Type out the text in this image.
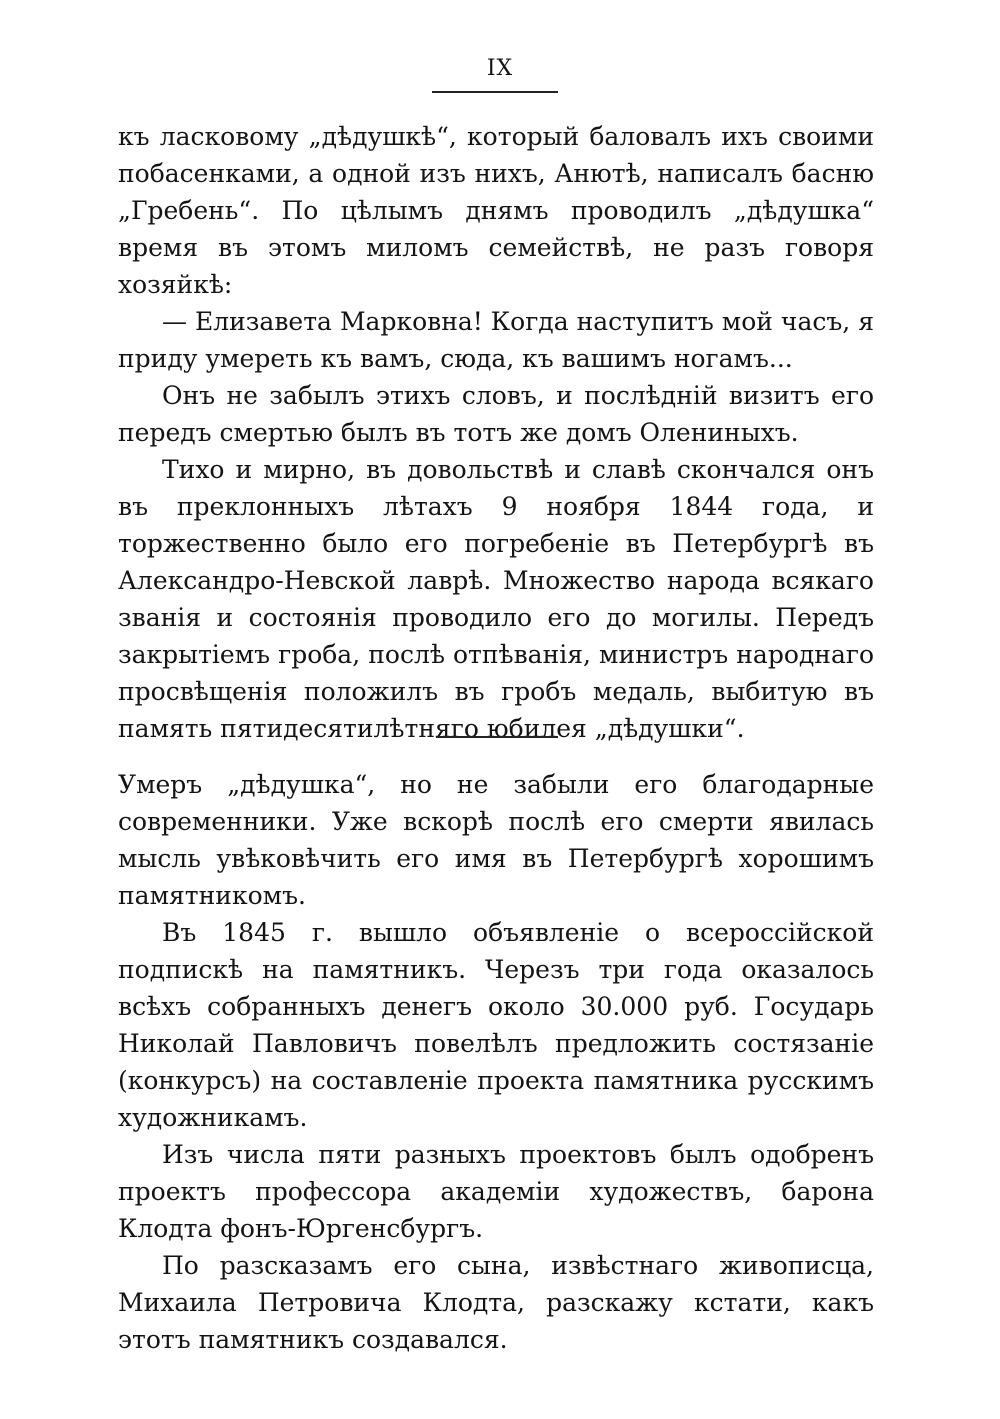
IX

къ ласковому „дѣдушкѣ“, который баловалъ ихъ своими побасенками, а одной изъ нихъ, Анютѣ, написалъ басню „Гребень“. По цѣлымъ днямъ проводилъ „дѣдушка“ время въ этомъ миломъ семействѣ, не разъ говоря хозяйкѣ:

— Елизавета Марковна! Когда наступитъ мой часъ, я приду умереть къ вамъ, сюда, къ вашимъ ногамъ...

Онъ не забылъ этихъ словъ, и послѣднiй визитъ его передъ смертью былъ въ тотъ же домъ Олениныхъ.

Тихо и мирно, въ довольствѣ и славѣ скончался онъ въ преклонныхъ лѣтахъ 9 ноября 1844 года, и торжественно было его погребенiе въ Петербургѣ въ Александро-Невской лаврѣ. Множество народа всякаго званiя и состоянiя проводило его до могилы. Передъ закрытiемъ гроба, послѣ отпѣванiя, министръ народнаго просвѣщенiя положилъ въ гробъ медаль, выбитую въ память пятидесятилѣтняго юбилея „дѣдушки“.

Умеръ „дѣдушка“, но не забыли его благодарные современники. Уже вскорѣ послѣ его смерти явилась мысль увѣковѣчить его имя въ Петербургѣ хорошимъ памятникомъ.

Въ 1845 г. вышло объявленiе о всероссiйской подпискѣ на памятникъ. Черезъ три года оказалось всѣхъ собранныхъ денегъ около 30.000 руб. Государь Николай Павловичъ повелѣлъ предложить состязанiе (конкурсъ) на составленiе проекта памятника русскимъ художникамъ.

Изъ числа пяти разныхъ проектовъ былъ одобренъ проектъ профессора академiи художествъ, барона Клодта фонъ-Юргенсбургъ.

По разсказамъ его сына, извѣстнаго живописца, Михаила Петровича Клодта, разскажу кстати, какъ этотъ памятникъ создавался.
